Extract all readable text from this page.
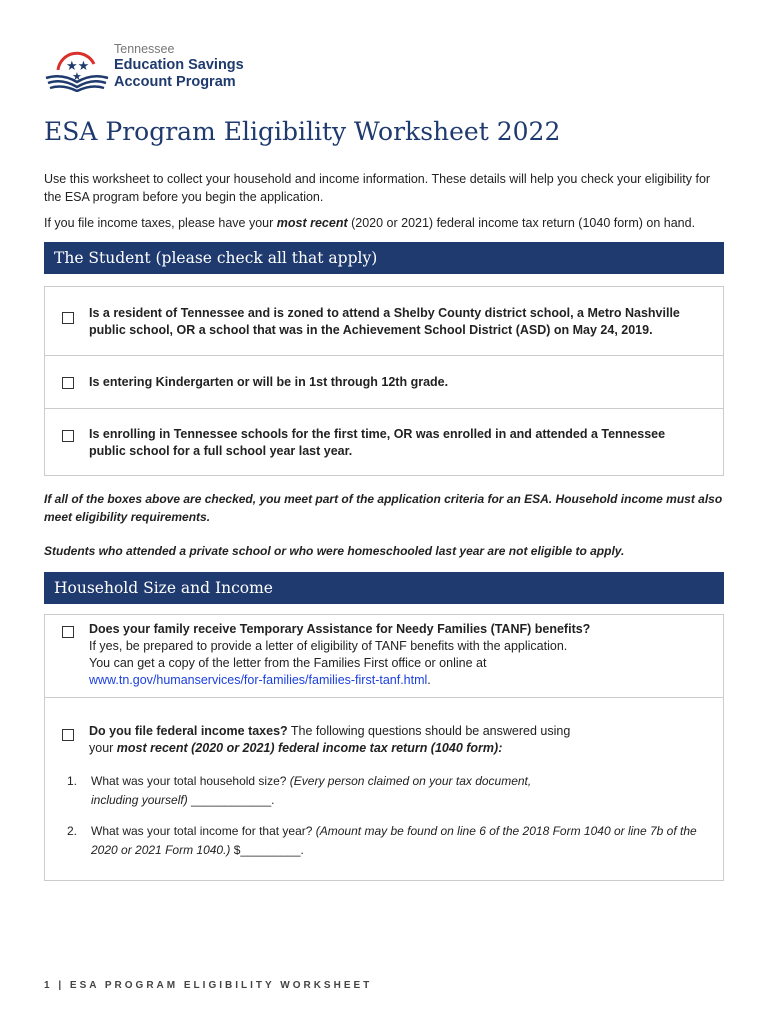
★★
★
Tennessee
Education Savings
Account Program
ESA Program Eligibility Worksheet 2022
Use this worksheet to collect your household and income information. These details will help you check your eligibility for the ESA program before you begin the application.
If you file income taxes, please have your most recent (2020 or 2021) federal income tax return (1040 form) on hand.
The Student (please check all that apply)
Is a resident of Tennessee and is zoned to attend a Shelby County district school, a Metro Nashville public school, OR a school that was in the Achievement School District (ASD) on May 24, 2019.
Is entering Kindergarten or will be in 1st through 12th grade.
Is enrolling in Tennessee schools for the first time, OR was enrolled in and attended a Tennessee public school for a full school year last year.
If all of the boxes above are checked, you meet part of the application criteria for an ESA. Household income must also meet eligibility requirements.
Students who attended a private school or who were homeschooled last year are not eligible to apply.
Household Size and Income
Does your family receive Temporary Assistance for Needy Families (TANF) benefits?
If yes, be prepared to provide a letter of eligibility of TANF benefits with the application.
You can get a copy of the letter from the Families First office or online at
www.tn.gov/humanservices/for-families/families-first-tanf.html.
Do you file federal income taxes? The following questions should be answered using
your most recent (2020 or 2021) federal income tax return (1040 form):
1. What was your total household size? (Every person claimed on your tax document, including yourself) ____________.
2. What was your total income for that year? (Amount may be found on line 6 of the 2018 Form 1040 or line 7b of the 2020 or 2021 Form 1040.) $_________.
1 | ESA PROGRAM ELIGIBILITY WORKSHEET
